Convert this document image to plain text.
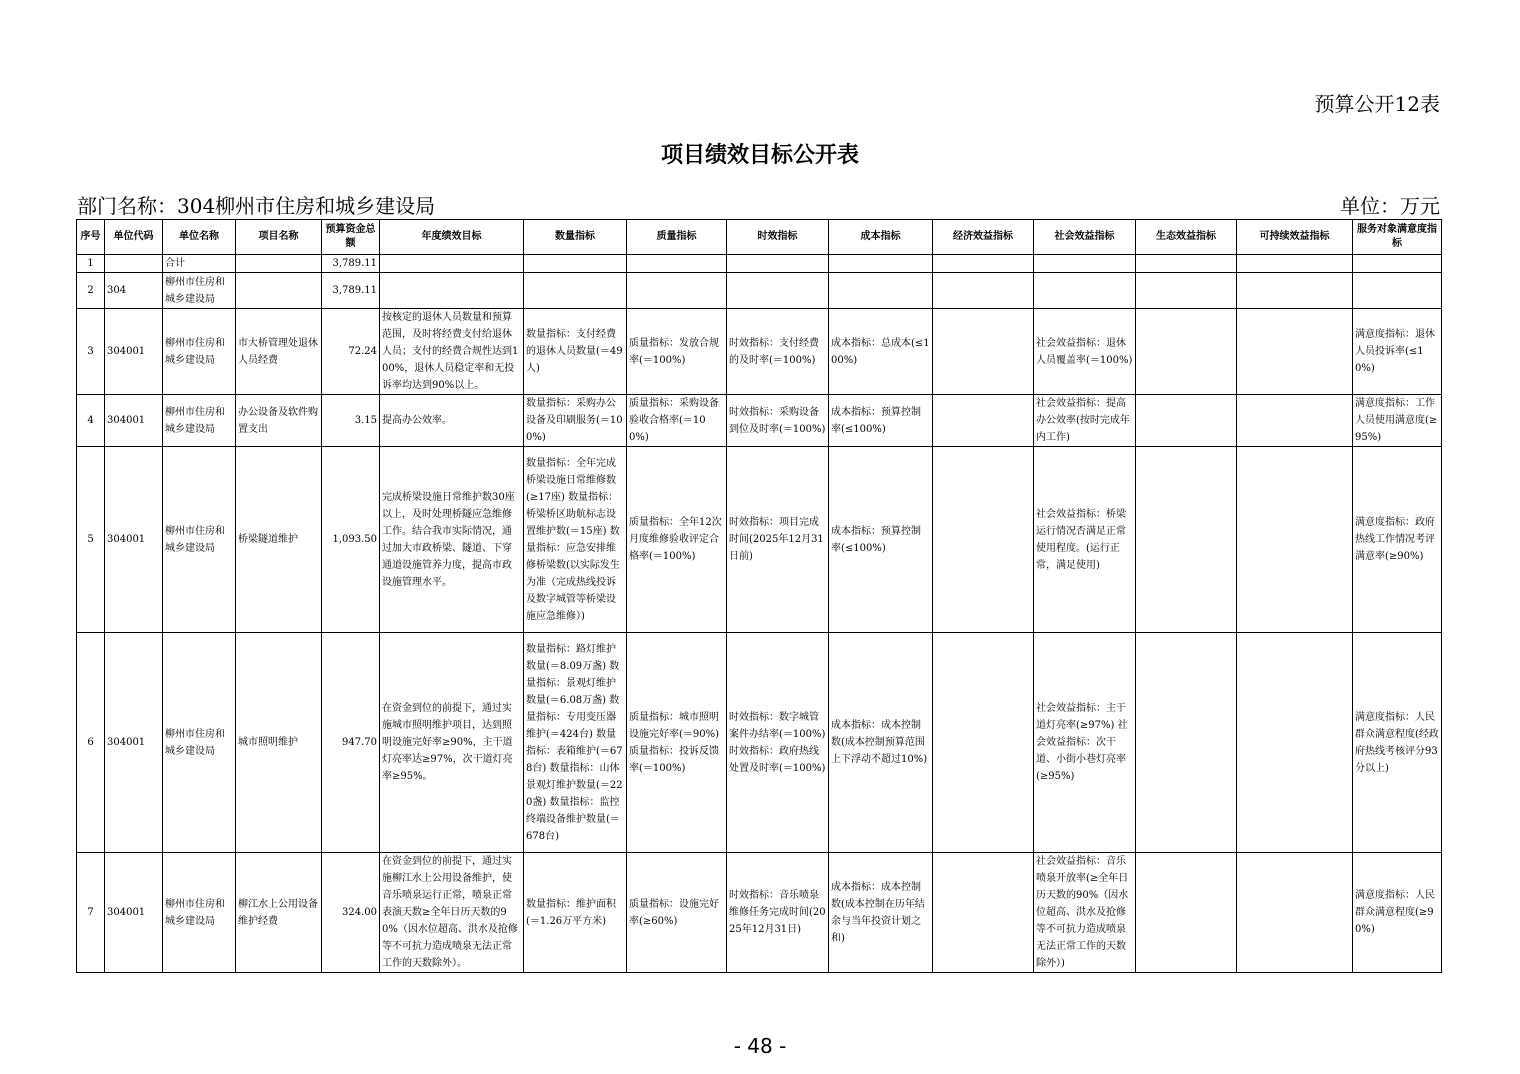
预算公开12表
项目绩效目标公开表
部门名称：304柳州市住房和城乡建设局	单位：万元
序号	单位代码	单位名称	项目名称	预算资金总额	年度绩效目标	数量指标	质量指标	时效指标	成本指标	经济效益指标	社会效益指标	生态效益指标	可持续效益指标	服务对象满意度指标
1		合计		3,789.11										
2	304	柳州市住房和城乡建设局		3,789.11										
3	304001	柳州市住房和城乡建设局	市大桥管理处退休人员经费	72.24	按核定的退休人员数量和预算范围，及时将经费支付给退休人员；支付的经费合规性达到100%，退休人员稳定率和无投诉率均达到90%以上。	数量指标：支付经费的退休人员数量(＝49人)	质量指标：发放合规率(＝100%)	时效指标：支付经费的及时率(＝100%)	成本指标：总成本(≤100%)		社会效益指标：退休人员覆盖率(＝100%)			满意度指标：退休人员投诉率(≤10%)
4	304001	柳州市住房和城乡建设局	办公设备及软件购置支出	3.15	提高办公效率。	数量指标：采购办公设备及印刷服务(＝100%)	质量指标：采购设备验收合格率(＝100%)	时效指标：采购设备到位及时率(＝100%)	成本指标：预算控制率(≤100%)		社会效益指标：提高办公效率(按时完成年内工作)			满意度指标：工作人员使用满意度(≥95%)
5	304001	柳州市住房和城乡建设局	桥梁隧道维护	1,093.50	完成桥梁设施日常维护数30座以上，及时处理桥隧应急维修工作。结合我市实际情况，通过加大市政桥梁、隧道、下穿通道设施管养力度，提高市政设施管理水平。	数量指标：全年完成桥梁设施日常维修数(≥17座) 数量指标：桥梁桥区助航标志设置维护数(＝15座) 数量指标：应急安排维修桥梁数(以实际发生为准（完成热线投诉及数字城管等桥梁设施应急维修）)	质量指标：全年12次月度维修验收评定合格率(＝100%)	时效指标：项目完成时间(2025年12月31日前)	成本指标：预算控制率(≤100%)		社会效益指标：桥梁运行情况否满足正常使用程度。(运行正常，满足使用)			满意度指标：政府热线工作情况考评满意率(≥90%)
6	304001	柳州市住房和城乡建设局	城市照明维护	947.70	在资金到位的前提下，通过实施城市照明维护项目，达到照明设施完好率≥90%，主干道灯亮率达≥97%，次干道灯亮率≥95%。	数量指标：路灯维护数量(＝8.09万盏) 数量指标：景观灯维护数量(＝6.08万盏) 数量指标：专用变压器维护(＝424台) 数量指标：表箱维护(＝678台) 数量指标：山体景观灯维护数量(＝220盏) 数量指标：监控终端设备维护数量(＝678台)	质量指标：城市照明设施完好率(＝90%) 质量指标：投诉反馈率(＝100%)	时效指标：数字城管案件办结率(＝100%) 时效指标：政府热线处置及时率(＝100%)	成本指标：成本控制数(成本控制预算范围上下浮动不超过10%)		社会效益指标：主干道灯亮率(≥97%) 社会效益指标：次干道、小街小巷灯亮率(≥95%)			满意度指标：人民群众满意程度(经政府热线考核评分93分以上)
7	304001	柳州市住房和城乡建设局	柳江水上公用设备维护经费	324.00	在资金到位的前提下，通过实施柳江水上公用设备维护，使音乐喷泉运行正常，喷泉正常表演天数≥全年日历天数的90%（因水位超高、洪水及抢修等不可抗力造成喷泉无法正常工作的天数除外）。	数量指标：维护面积(＝1.26万平方米)	质量指标：设施完好率(≥60%)	时效指标：音乐喷泉维修任务完成时间(2025年12月31日)	成本指标：成本控制数(成本控制在历年结余与当年投资计划之和)		社会效益指标：音乐喷泉开放率(≥全年日历天数的90%（因水位超高、洪水及抢修等不可抗力造成喷泉无法正常工作的天数除外）)			满意度指标：人民群众满意程度(≥90%)
- 48 -
